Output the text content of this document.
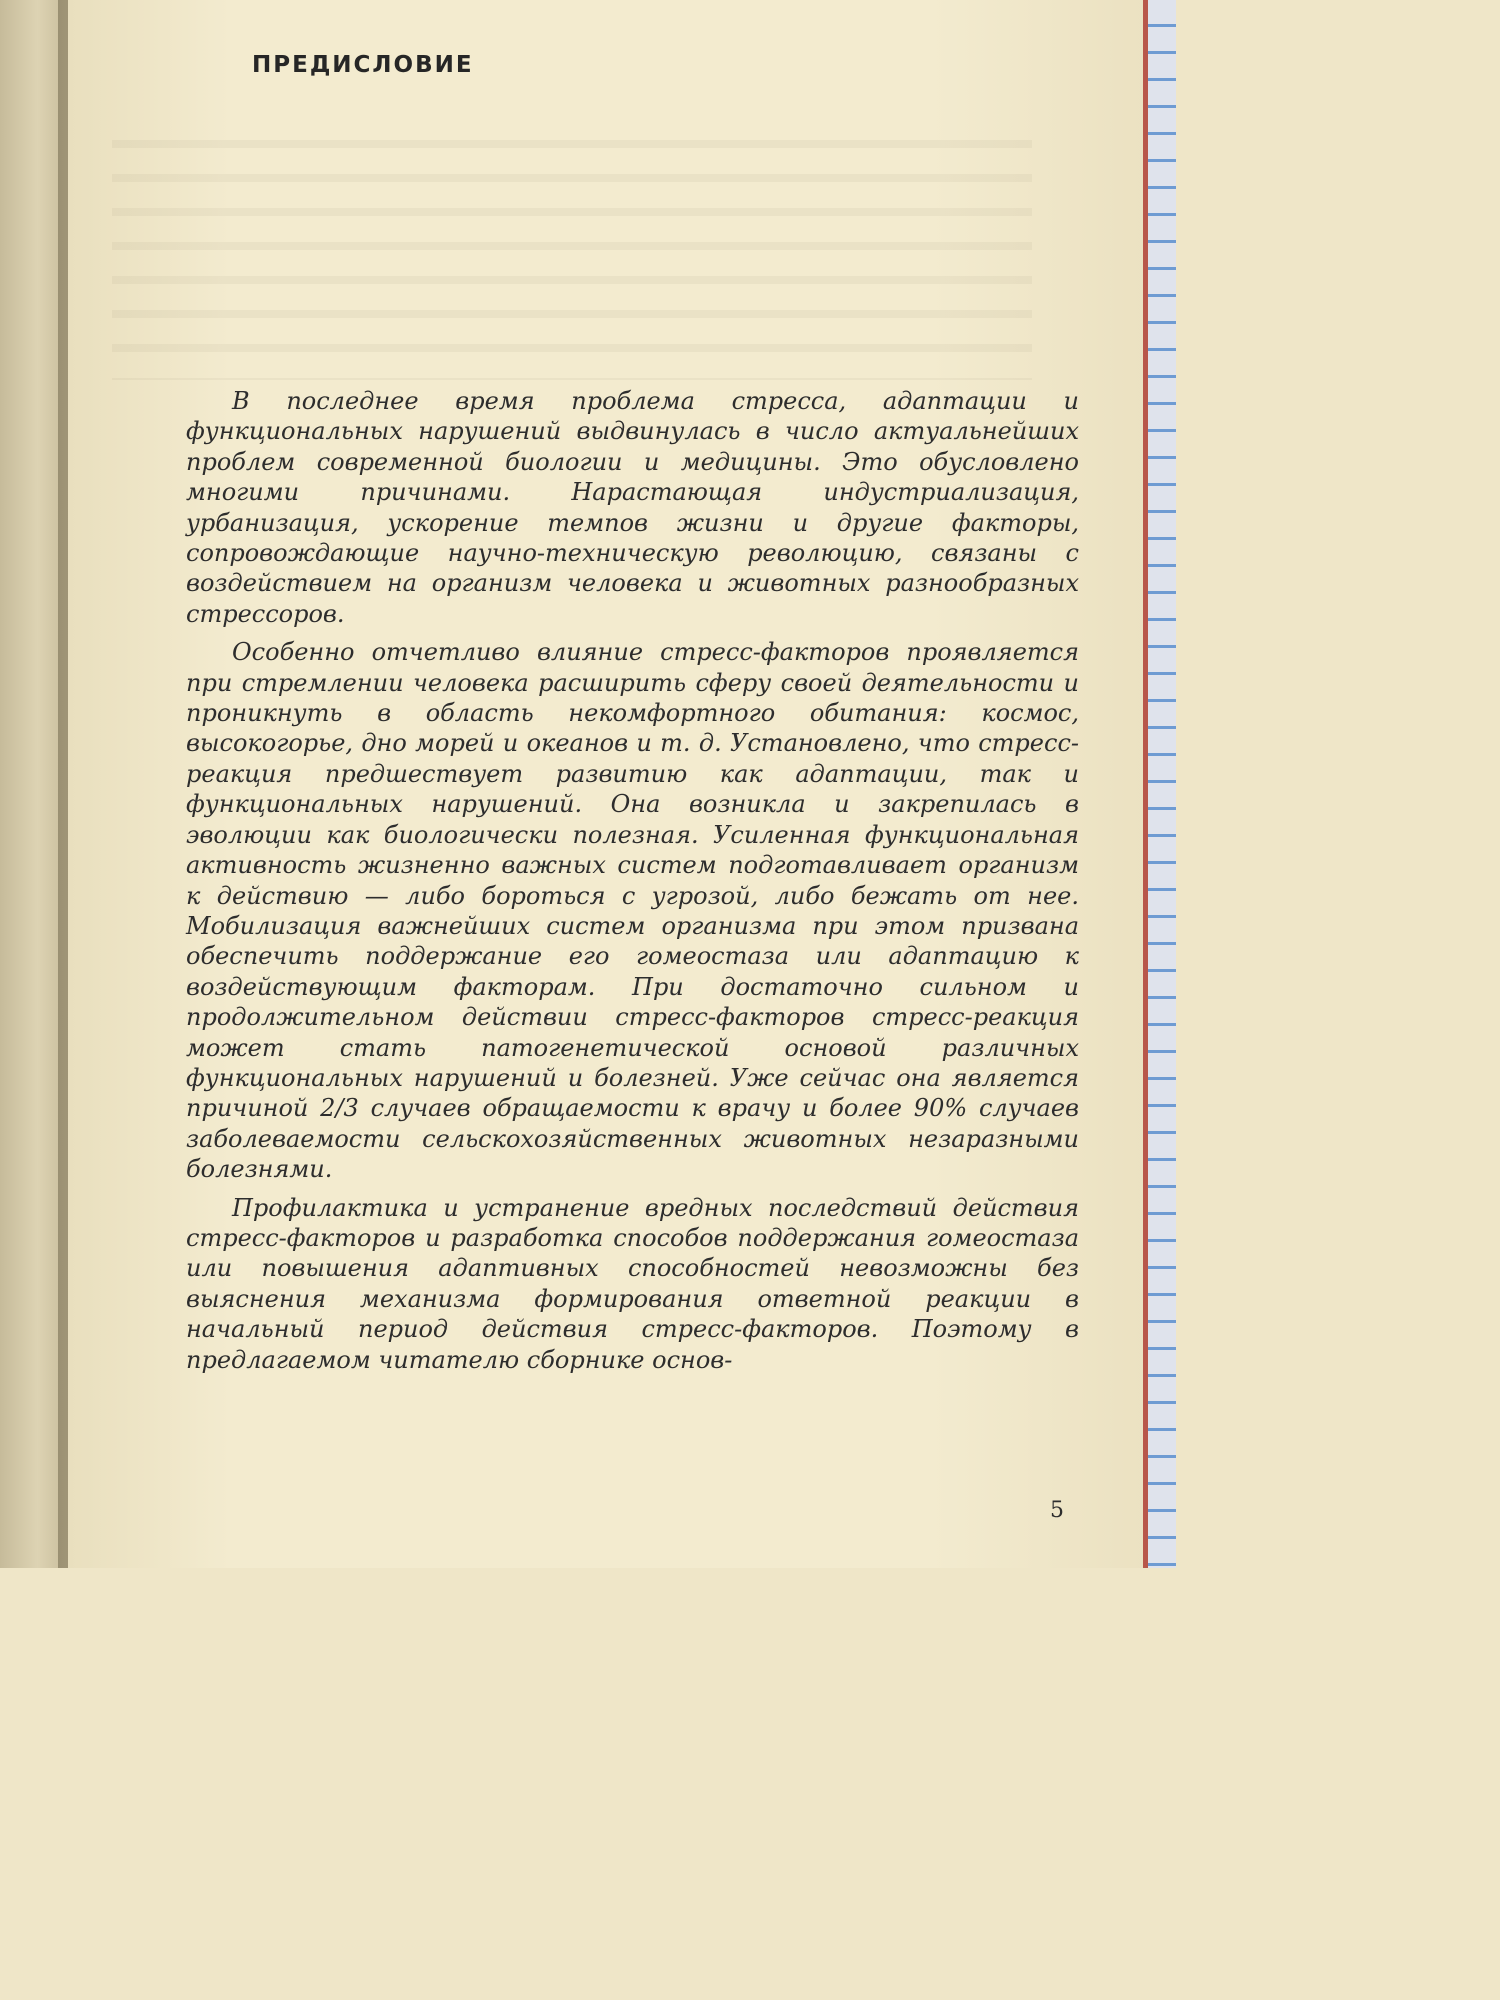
ПРЕДИСЛОВИЕ

В последнее время проблема стресса, адаптации и функциональных нарушений выдвинулась в число актуальнейших проблем современной биологии и медицины. Это обусловлено многими причинами. Нарастающая индустриализация, урбанизация, ускорение темпов жизни и другие факторы, сопровождающие научно-техническую революцию, связаны с воздействием на организм человека и животных разнообразных стрессоров.

Особенно отчетливо влияние стресс-факторов проявляется при стремлении человека расширить сферу своей деятельности и проникнуть в область некомфортного обитания: космос, высокогорье, дно морей и океанов и т. д. Установлено, что стресс-реакция предшествует развитию как адаптации, так и функциональных нарушений. Она возникла и закрепилась в эволюции как биологически полезная. Усиленная функциональная активность жизненно важных систем подготавливает организм к действию — либо бороться с угрозой, либо бежать от нее. Мобилизация важнейших систем организма при этом призвана обеспечить поддержание его гомеостаза или адаптацию к воздействующим факторам. При достаточно сильном и продолжительном действии стресс-факторов стресс-реакция может стать патогенетической основой различных функциональных нарушений и болезней. Уже сейчас она является причиной 2/3 случаев обращаемости к врачу и более 90% случаев заболеваемости сельскохозяйственных животных незаразными болезнями.

Профилактика и устранение вредных последствий действия стресс-факторов и разработка способов поддержания гомеостаза или повышения адаптивных способностей невозможны без выяснения механизма формирования ответной реакции в начальный период действия стресс-факторов. Поэтому в предлагаемом читателю сборнике основ-

5
